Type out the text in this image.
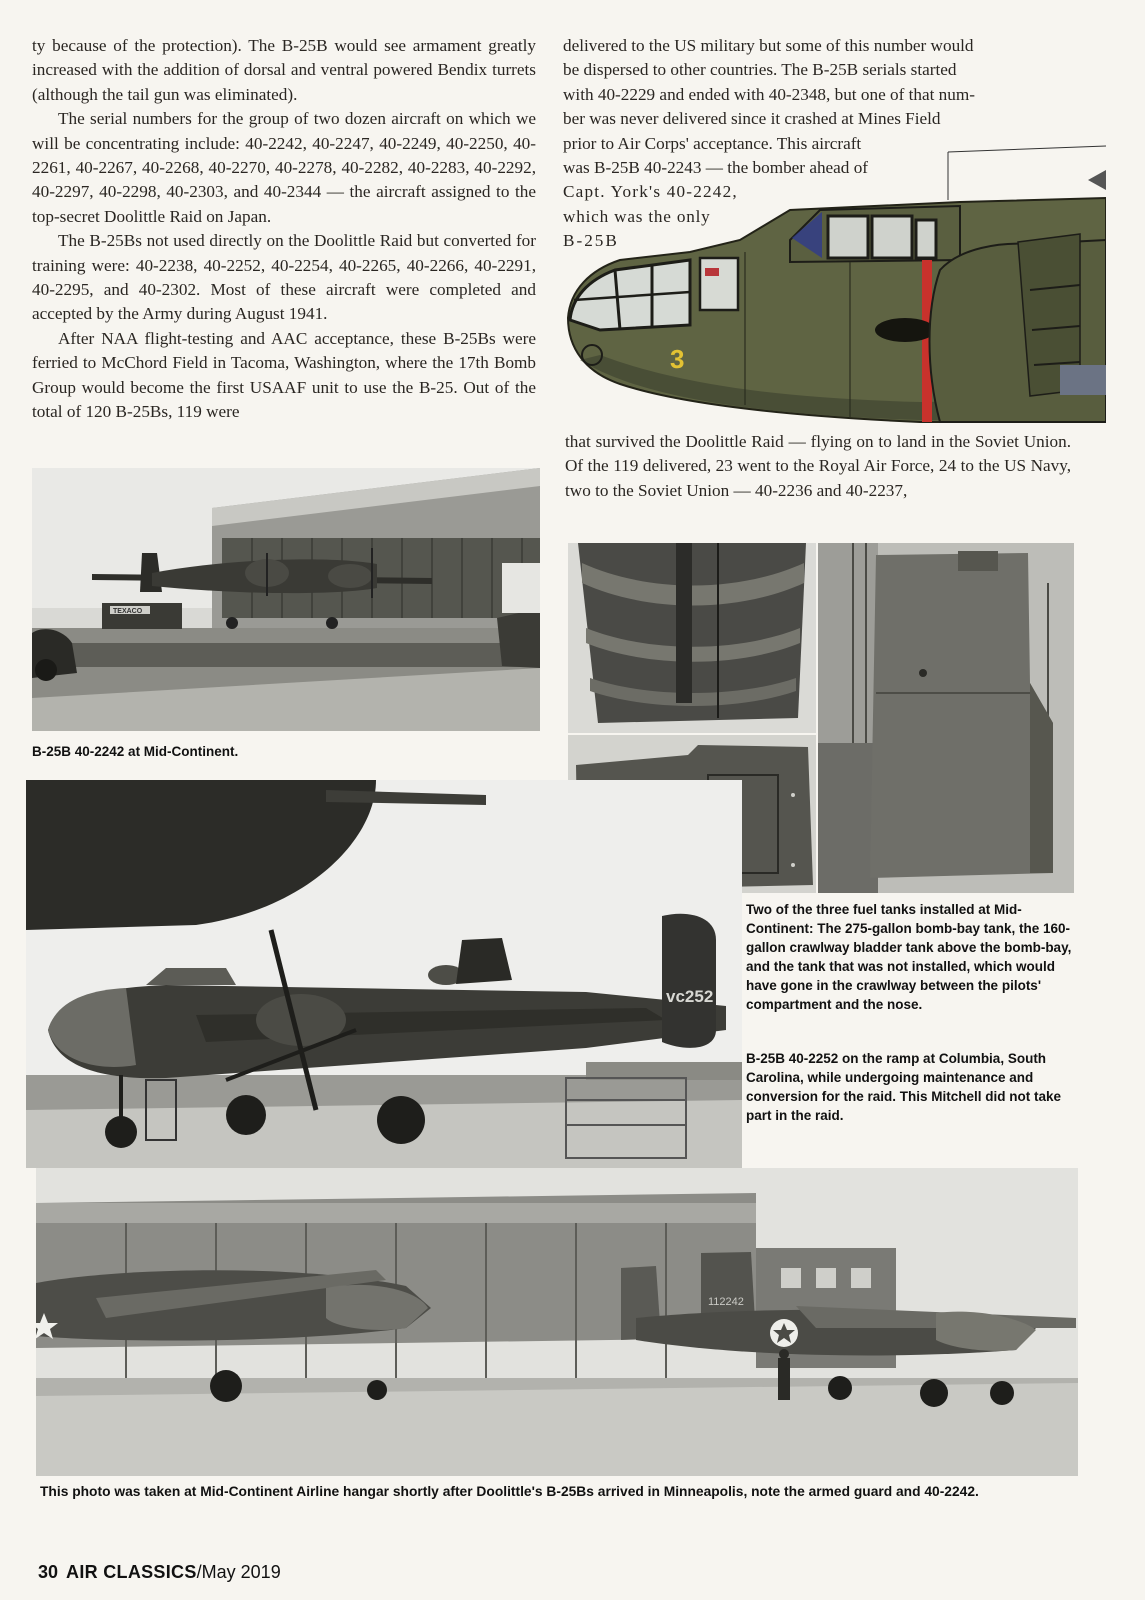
ty because of the protection). The B-25B would see armament greatly increased with the addition of dorsal and ventral powered Bendix turrets (although the tail gun was eliminated).

The serial numbers for the group of two dozen aircraft on which we will be concentrating include: 40-2242, 40-2247, 40-2249, 40-2250, 40-2261, 40-2267, 40-2268, 40-2270, 40-2278, 40-2282, 40-2283, 40-2292, 40-2297, 40-2298, 40-2303, and 40-2344 — the aircraft assigned to the top-secret Doolittle Raid on Japan.

The B-25Bs not used directly on the Doolittle Raid but converted for training were: 40-2238, 40-2252, 40-2254, 40-2265, 40-2266, 40-2291, 40-2295, and 40-2302. Most of these aircraft were completed and accepted by the Army during August 1941.

After NAA flight-testing and AAC acceptance, these B-25Bs were ferried to McChord Field in Tacoma, Washington, where the 17th Bomb Group would become the first USAAF unit to use the B-25. Out of the total of 120 B-25Bs, 119 were

delivered to the US military but some of this number would
be dispersed to other countries. The B-25B serials started
with 40-2229 and ended with 40-2348, but one of that num-
ber was never delivered since it crashed at Mines Field
prior to Air Corps' acceptance. This aircraft
was B-25B 40-2243 — the bomber ahead of
Capt. York's 40-2242,
which was the only
B-25B
3

that survived the Doolittle Raid — flying on to land in the Soviet Union. Of the 119 delivered, 23 went to the Royal Air Force, 24 to the US Navy, two to the Soviet Union — 40-2236 and 40-2237,

TEXACO
B-25B 40-2242 at Mid-Continent.
Two of the three fuel tanks installed at Mid-Continent: The 275-gallon bomb-bay tank, the 160-gallon crawlway bladder tank above the bomb-bay, and the tank that was not installed, which would have gone in the crawlway between the pilots' compartment and the nose.
vc252
B-25B 40-2252 on the ramp at Columbia, South Carolina, while undergoing maintenance and conversion for the raid. This Mitchell did not take part in the raid.
112242
This photo was taken at Mid-Continent Airline hangar shortly after Doolittle's B-25Bs arrived in Minneapolis, note the armed guard and 40-2242.
30 AIR CLASSICS/May 2019
